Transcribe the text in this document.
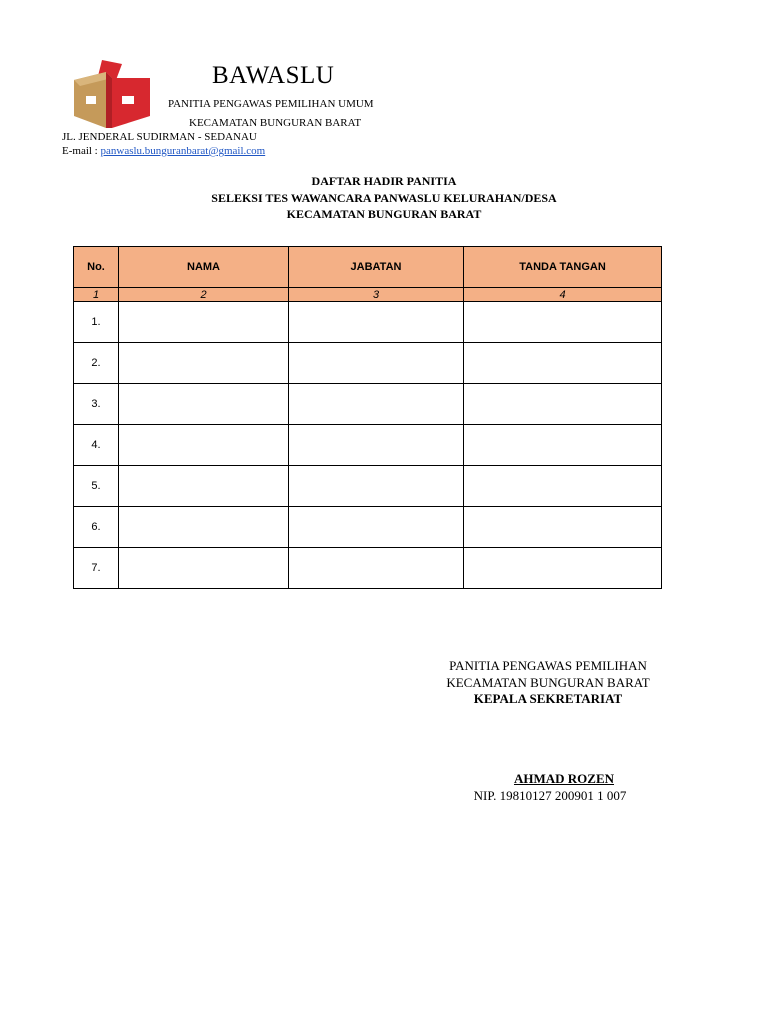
BAWASLU
PANITIA PENGAWAS PEMILIHAN UMUM
KECAMATAN BUNGURAN BARAT
JL. JENDERAL SUDIRMAN - SEDANAU
E-mail : panwaslu.bunguranbarat@gmail.com
DAFTAR HADIR PANITIA
SELEKSI TES WAWANCARA PANWASLU KELURAHAN/DESA
KECAMATAN BUNGURAN BARAT
No.	NAMA	JABATAN	TANDA TANGAN
1	2	3	4
1.			
2.			
3.			
4.			
5.			
6.			
7.			
PANITIA PENGAWAS PEMILIHAN
KECAMATAN BUNGURAN BARAT
KEPALA SEKRETARIAT
AHMAD ROZEN
NIP. 19810127 200901 1 007
